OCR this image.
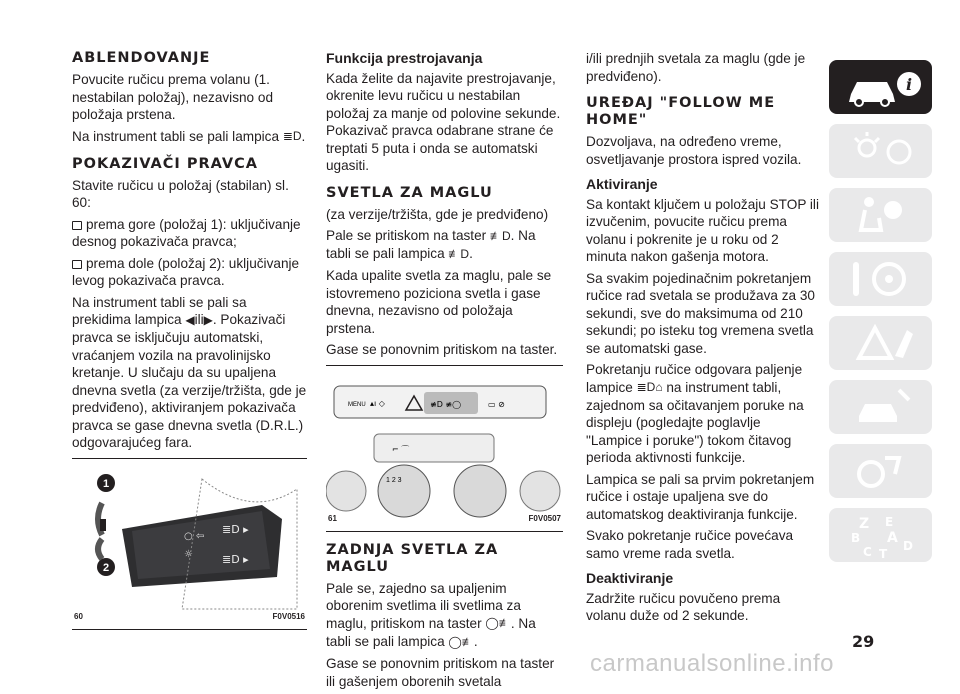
ABLENDOVANJE

Povucite ručicu prema volanu (1. nestabilan položaj), nezavisno od položaja prstena.

Na instrument tabli se pali lampica ≣D.

POKAZIVAČI PRAVCA

Stavite ručicu u položaj (stabilan) sl. 60:

prema gore (položaj 1): uključivanje desnog pokazivača pravca;

prema dole (položaj 2): uključivanje levog pokazivača pravca.

Na instrument tabli se pali sa prekidima lampica ◀ili▶. Pokazivači pravca se isključuju automatski, vraćanjem vozila na pravolinijsko kretanje. U slučaju da su upaljena dnevna svetla (za verzije/tržišta, gde je predviđeno), aktiviranjem pokazivača pravca se gase dnevna svetla (D.R.L.) odgovarajućeg fara.

1
2
○ ⇦
☼
≣D ▸
≣D ▸
60	F0V0516
Funkcija prestrojavanja

Kada želite da najavite prestrojavanje, okrenite levu ručicu u nestabilan položaj za manje od polovine sekunde. Pokazivač pravca odabrane strane će treptati 5 puta i onda se automatski ugasiti.

SVETLA ZA MAGLU

(za verzije/tržišta, gde je predviđeno)

Pale se pritiskom na taster ≢D. Na tabli se pali lampica ≢D.

Kada upalite svetla za maglu, pale se istovremeno poziciona svetla i gase dnevna, nezavisno od položaja prstena.

Gase se ponovnim pritiskom na taster.

MENU ▴ı ◇	≢D ≢◯	▭ ⊘
⌐ ⌒
1 2 3
61	F0V0507
ZADNJA SVETLA ZA MAGLU

Pale se, zajedno sa upaljenim oborenim svetlima ili svetlima za maglu, pritiskom na taster ◯≢. Na tabli se pali lampica ◯≢.

Gase se ponovnim pritiskom na taster ili gašenjem oborenih svetala

i/ili prednjih svetala za maglu (gde je predviđeno).

UREĐAJ "FOLLOW ME HOME"

Dozvoljava, na određeno vreme, osvetljavanje prostora ispred vozila.

Aktiviranje

Sa kontakt ključem u položaju STOP ili izvučenim, povucite ručicu prema volanu i pokrenite je u roku od 2 minuta nakon gašenja motora.

Sa svakim pojedinačnim pokretanjem ručice rad svetala se produžava za 30 sekundi, sve do maksimuma od 210 sekundi; po isteku tog vremena svetla se automatski gase.

Pokretanju ručice odgovara paljenje lampice ≣D⌂ na instrument tabli, zajednom sa očitavanjem poruke na displeju (pogledajte poglavlje "Lampice i poruke") tokom čitavog perioda aktivnosti funkcije.

Lampica se pali sa prvim pokretanjem ručice i ostaje upaljena sve do automatskog deaktiviranja funkcije.

Svako pokretanje ručice povećava samo vreme rada svetla.

Deaktiviranje

Zadržite ručicu povučeno prema volanu duže od 2 sekunde.

i
Z E
B A D
C T
29
carmanualsonline.info
